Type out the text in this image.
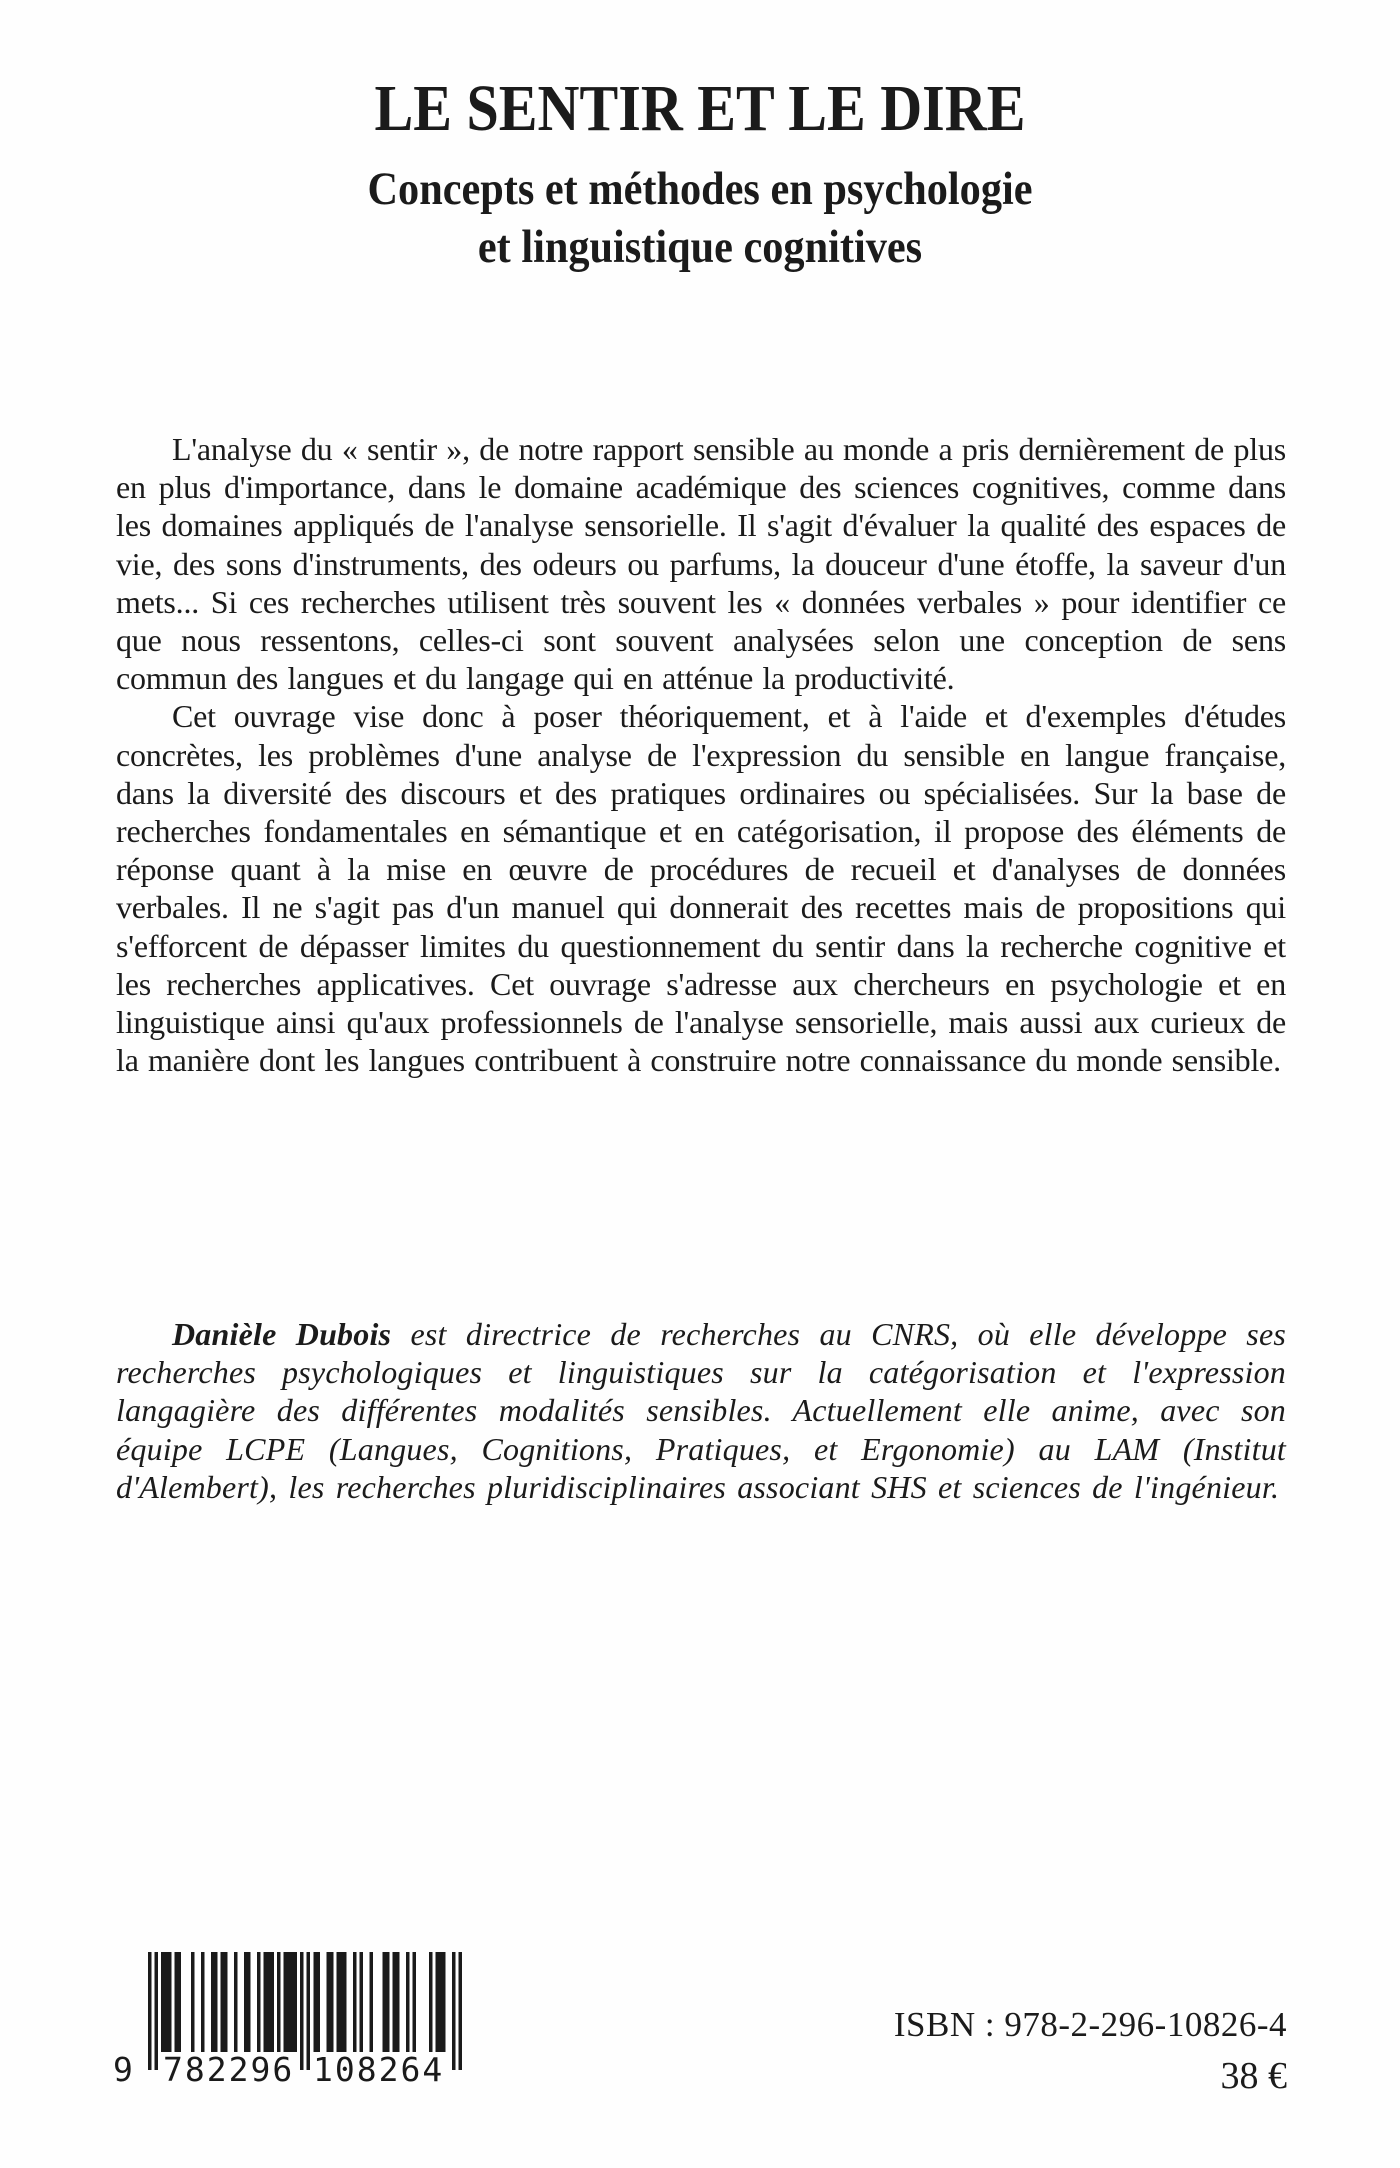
LE SENTIR ET LE DIRE
Concepts et méthodes en psychologie
et linguistique cognitives

L'analyse du « sentir », de notre rapport sensible au monde a pris dernièrement de plus en plus d'importance, dans le domaine académique des sciences cognitives, comme dans les domaines appliqués de l'analyse sensorielle. Il s'agit d'évaluer la qualité des espaces de vie, des sons d'instruments, des odeurs ou parfums, la douceur d'une étoffe, la saveur d'un mets... Si ces recherches utilisent très souvent les « données verbales » pour identifier ce que nous ressentons, celles-ci sont souvent analysées selon une conception de sens commun des langues et du langage qui en atténue la productivité.

Cet ouvrage vise donc à poser théoriquement, et à l'aide et d'exemples d'études concrètes, les problèmes d'une analyse de l'expression du sensible en langue française, dans la diversité des discours et des pratiques ordinaires ou spécialisées. Sur la base de recherches fondamentales en sémantique et en catégorisation, il propose des éléments de réponse quant à la mise en œuvre de procédures de recueil et d'analyses de données verbales. Il ne s'agit pas d'un manuel qui donnerait des recettes mais de propositions qui s'efforcent de dépasser limites du questionnement du sentir dans la recherche cognitive et les recherches applicatives. Cet ouvrage s'adresse aux chercheurs en psychologie et en linguistique ainsi qu'aux professionnels de l'analyse sensorielle, mais aussi aux curieux de la manière dont les langues contribuent à construire notre connaissance du monde sensible.

Danièle Dubois est directrice de recherches au CNRS, où elle développe ses recherches psychologiques et linguistiques sur la catégorisation et l'expression langagière des différentes modalités sensibles. Actuellement elle anime, avec son équipe LCPE (Langues, Cognitions, Pratiques, et Ergonomie) au LAM (Institut d'Alembert), les recherches pluridisciplinaires associant SHS et sciences de l'ingénieur.

9 782296 108264
ISBN : 978-2-296-10826-4
38 €
